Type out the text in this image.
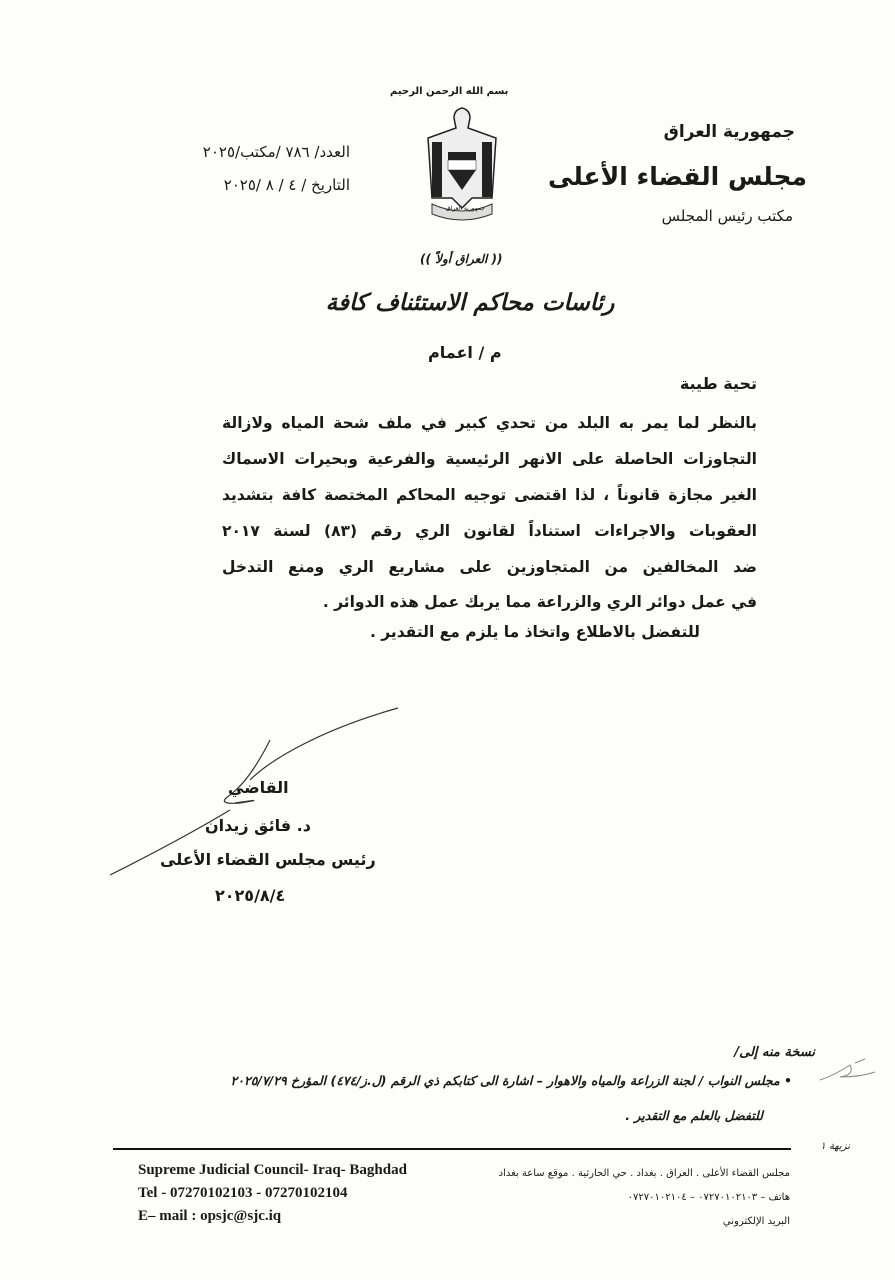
بسم الله الرحمن الرحيم
جمهورية العراق
جمهورية العراق
مجلس القضاء الأعلى
مكتب رئيس المجلس
العدد/ ٧٨٦ /مكتب/٢٠٢٥
التاريخ / ٤ / ٨ /٢٠٢٥
(( العراق أولاً ))
رئاسات محاكم الاستئناف كافة
م / اعمام
تحية طيبة
بالنظر لما يمر به البلد من تحدي كبير في ملف شحة المياه ولازالة
التجاوزات الحاصلة على الانهر الرئيسية والفرعية وبحيرات الاسماك
الغير مجازة قانوناً ، لذا اقتضى توجيه المحاكم المختصة كافة بتشديد
العقوبات والاجراءات استناداً لقانون الري رقم (٨٣) لسنة ٢٠١٧
ضد المخالفين من المتجاوزين على مشاريع الري ومنع التدخل
في عمل دوائر الري والزراعة مما يربك عمل هذه الدوائر .
للتفضل بالاطلاع واتخاذ ما يلزم مع التقدير .
القاضي
د. فائق زيدان
رئيس مجلس القضاء الأعلى
٢٠٢٥/٨/٤
نسخة منه إلى/
• مجلس النواب / لجنة الزراعة والمياه والاهوار – اشارة الى كتابكم ذي الرقم (ل.ز/٤٧٤) المؤرخ ٢٠٢٥/٧/٢٩
للتفضل بالعلم مع التقدير .
نزيهة ١
Supreme Judicial Council- Iraq- Baghdad
Tel - 07270102103 - 07270102104
E– mail : opsjc@sjc.iq
مجلس القضاء الأعلى . العراق . بغداد . حي الحارثية . موقع ساعة بغداد
هاتف – ٠٧٢٧٠١٠٢١٠٣ – ٠٧٢٧٠١٠٢١٠٤
البريد الإلكتروني
